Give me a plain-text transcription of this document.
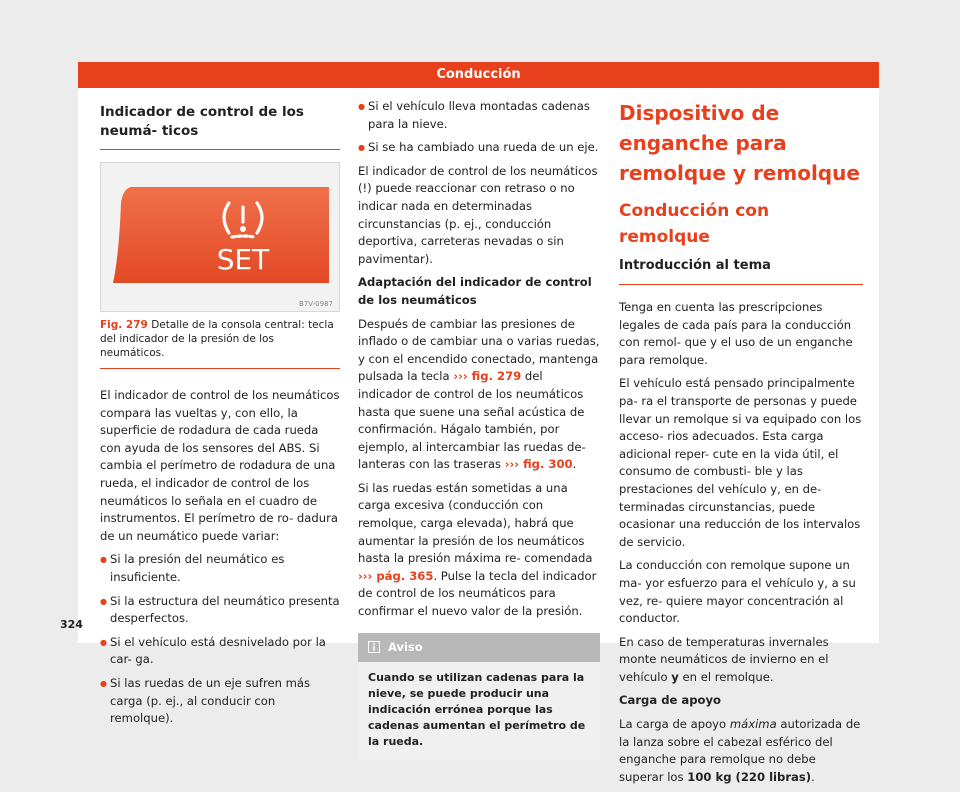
Conducción
Indicador de control de los neumá- ticos
SET
B7V-0987
Fig. 279 Detalle de la consola central: tecla del indicador de la presión de los neumáticos.

El indicador de control de los neumáticos compara las vueltas y, con ello, la superficie de rodadura de cada rueda con ayuda de los sensores del ABS. Si cambia el perímetro de rodadura de una rueda, el indicador de control de los neumáticos lo señala en el cuadro de instrumentos. El perímetro de ro- dadura de un neumático puede variar:

● Si la presión del neumático es insuficiente.
● Si la estructura del neumático presenta desperfectos.
● Si el vehículo está desnivelado por la car- ga.
● Si las ruedas de un eje sufren más carga (p. ej., al conducir con remolque).
● Si el vehículo lleva montadas cadenas para la nieve.
● Si se ha cambiado una rueda de un eje.

El indicador de control de los neumáticos (!) puede reaccionar con retraso o no indicar nada en determinadas circunstancias (p. ej., conducción deportiva, carreteras nevadas o sin pavimentar).

Adaptación del indicador de control de los neumáticos

Después de cambiar las presiones de inflado o de cambiar una o varias ruedas, y con el encendido conectado, mantenga pulsada la tecla ››› fig. 279 del indicador de control de los neumáticos hasta que suene una señal acústica de confirmación. Hágalo también, por ejemplo, al intercambiar las ruedas de- lanteras con las traseras ››› fig. 300.

Si las ruedas están sometidas a una carga excesiva (conducción con remolque, carga elevada), habrá que aumentar la presión de los neumáticos hasta la presión máxima re- comendada ››› pág. 365. Pulse la tecla del indicador de control de los neumáticos para confirmar el nuevo valor de la presión.

Aviso
Cuando se utilizan cadenas para la nieve, se puede producir una indicación errónea porque las cadenas aumentan el perímetro de la rueda.
Dispositivo de enganche para remolque y remolque
Conducción con remolque
Introducción al tema

Tenga en cuenta las prescripciones legales de cada país para la conducción con remol- que y el uso de un enganche para remolque.

El vehículo está pensado principalmente pa- ra el transporte de personas y puede llevar un remolque si va equipado con los acceso- rios adecuados. Esta carga adicional reper- cute en la vida útil, el consumo de combusti- ble y las prestaciones del vehículo y, en de- terminadas circunstancias, puede ocasionar una reducción de los intervalos de servicio.

La conducción con remolque supone un ma- yor esfuerzo para el vehículo y, a su vez, re- quiere mayor concentración al conductor.

En caso de temperaturas invernales monte neumáticos de invierno en el vehículo y en el remolque.

Carga de apoyo

La carga de apoyo máxima autorizada de la lanza sobre el cabezal esférico del enganche para remolque no debe superar los 100 kg (220 libras).

324
